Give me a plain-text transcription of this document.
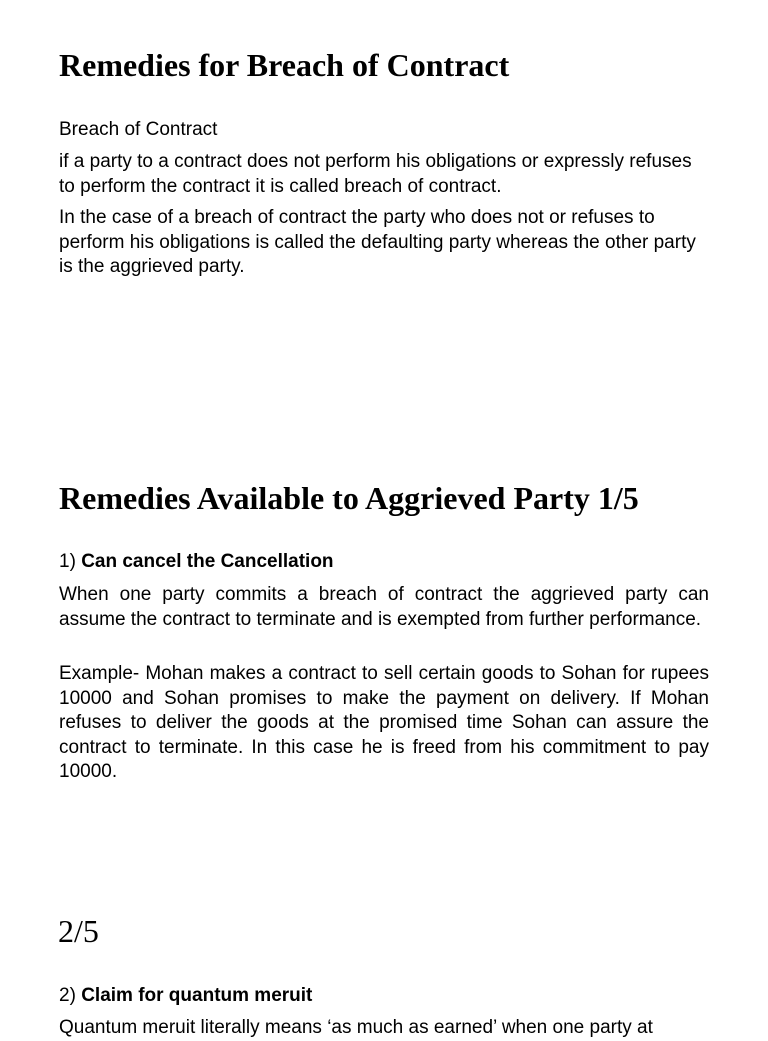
Remedies for Breach of Contract

Breach of Contract

if a party to a contract does not perform his obligations or expressly refuses to perform the contract it is called breach of contract.

In the case of a breach of contract the party who does not or refuses to perform his obligations is called the defaulting party whereas the other party is the aggrieved party.

Remedies Available to Aggrieved Party 1/5

1) Can cancel the Cancellation

When one party commits a breach of contract the aggrieved party can assume the contract to terminate and is exempted from further performance.

Example- Mohan makes a contract to sell certain goods to Sohan for rupees 10000 and Sohan promises to make the payment on delivery. If Mohan refuses to deliver the goods at the promised time Sohan can assure the contract to terminate. In this case he is freed from his commitment to pay 10000.

2/5

2) Claim for quantum meruit

Quantum meruit literally means ‘as much as earned’ when one party at
